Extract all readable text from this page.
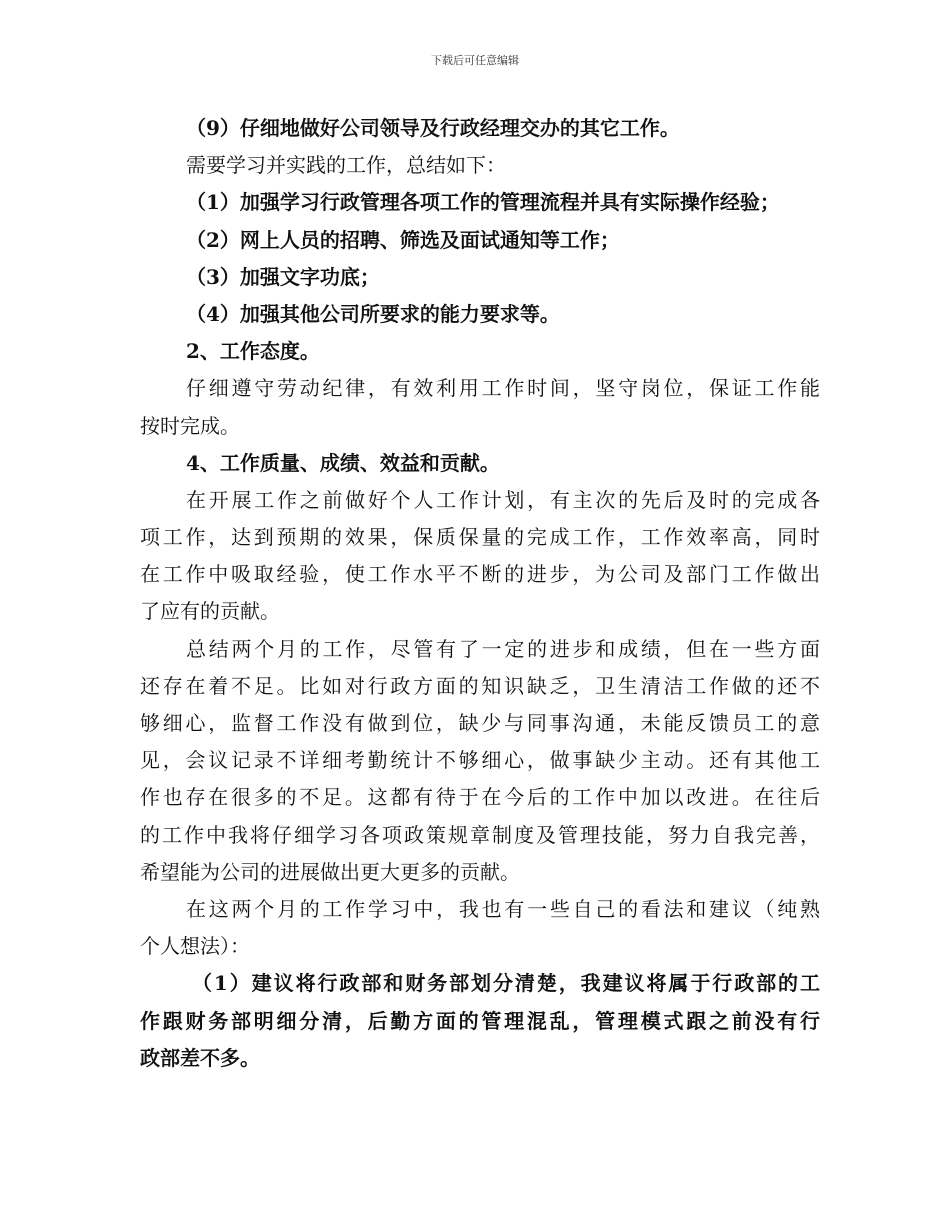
下载后可任意编辑
（9）仔细地做好公司领导及行政经理交办的其它工作。
需要学习并实践的工作，总结如下：
（1）加强学习行政管理各项工作的管理流程并具有实际操作经验；
（2）网上人员的招聘、筛选及面试通知等工作；
（3）加强文字功底；
（4）加强其他公司所要求的能力要求等。
2、工作态度。
仔细遵守劳动纪律，有效利用工作时间，坚守岗位，保证工作能
按时完成。
4、工作质量、成绩、效益和贡献。
在开展工作之前做好个人工作计划，有主次的先后及时的完成各
项工作，达到预期的效果，保质保量的完成工作，工作效率高，同时
在工作中吸取经验，使工作水平不断的进步，为公司及部门工作做出
了应有的贡献。
总结两个月的工作，尽管有了一定的进步和成绩，但在一些方面
还存在着不足。比如对行政方面的知识缺乏，卫生清洁工作做的还不
够细心，监督工作没有做到位，缺少与同事沟通，未能反馈员工的意
见，会议记录不详细考勤统计不够细心，做事缺少主动。还有其他工
作也存在很多的不足。这都有待于在今后的工作中加以改进。在往后
的工作中我将仔细学习各项政策规章制度及管理技能，努力自我完善，
希望能为公司的进展做出更大更多的贡献。
在这两个月的工作学习中，我也有一些自己的看法和建议（纯熟
个人想法）：
（1）建议将行政部和财务部划分清楚，我建议将属于行政部的工
作跟财务部明细分清，后勤方面的管理混乱，管理模式跟之前没有行
政部差不多。
